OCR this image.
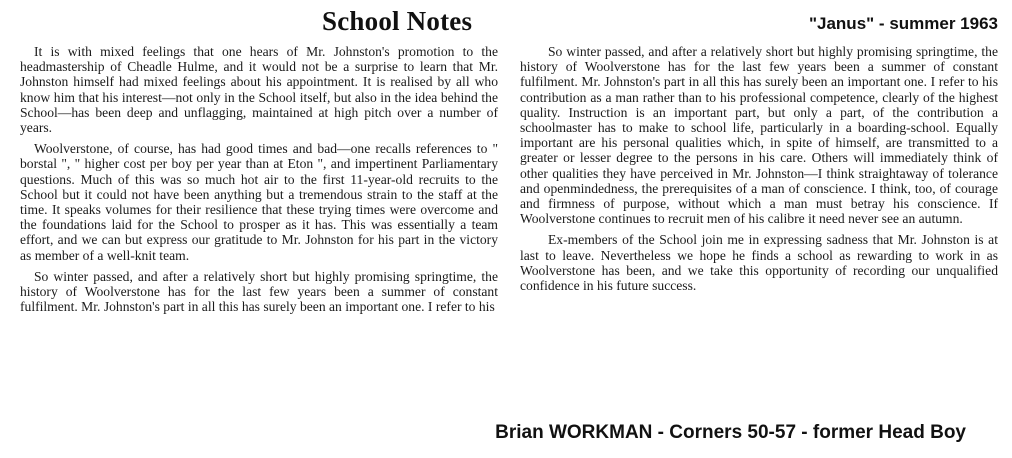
School Notes	"Janus" - summer 1963

It is with mixed feelings that one hears of Mr. Johnston's promotion to the headmastership of Cheadle Hulme, and it would not be a surprise to learn that Mr. Johnston himself had mixed feelings about his appointment. It is realised by all who know him that his interest—not only in the School itself, but also in the idea behind the School—has been deep and unflagging, maintained at high pitch over a number of years.

Woolverstone, of course, has had good times and bad—one recalls references to " borstal ", " higher cost per boy per year than at Eton ", and impertinent Parliamentary questions. Much of this was so much hot air to the first 11-year-old recruits to the School but it could not have been anything but a tremendous strain to the staff at the time. It speaks volumes for their resilience that these trying times were overcome and the foundations laid for the School to prosper as it has. This was essentially a team effort, and we can but express our gratitude to Mr. Johnston for his part in the victory as member of a well-knit team.

So winter passed, and after a relatively short but highly promising springtime, the history of Woolverstone has for the last few years been a summer of constant fulfilment. Mr. Johnston's part in all this has surely been an important one. I refer to his

So winter passed, and after a relatively short but highly promising springtime, the history of Woolverstone has for the last few years been a summer of constant fulfilment. Mr. Johnston's part in all this has surely been an important one. I refer to his contribution as a man rather than to his professional competence, clearly of the highest quality. Instruction is an important part, but only a part, of the contribution a schoolmaster has to make to school life, particularly in a boarding-school. Equally important are his personal qualities which, in spite of himself, are transmitted to a greater or lesser degree to the persons in his care. Others will immediately think of other qualities they have perceived in Mr. Johnston—I think straightaway of tolerance and openmindedness, the prerequisites of a man of conscience. I think, too, of courage and firmness of purpose, without which a man must betray his conscience. If Woolverstone continues to recruit men of his calibre it need never see an autumn.

Ex-members of the School join me in expressing sadness that Mr. Johnston is at last to leave. Nevertheless we hope he finds a school as rewarding to work in as Woolverstone has been, and we take this opportunity of recording our unqualified confidence in his future success.

Brian WORKMAN - Corners 50-57 - former Head Boy
